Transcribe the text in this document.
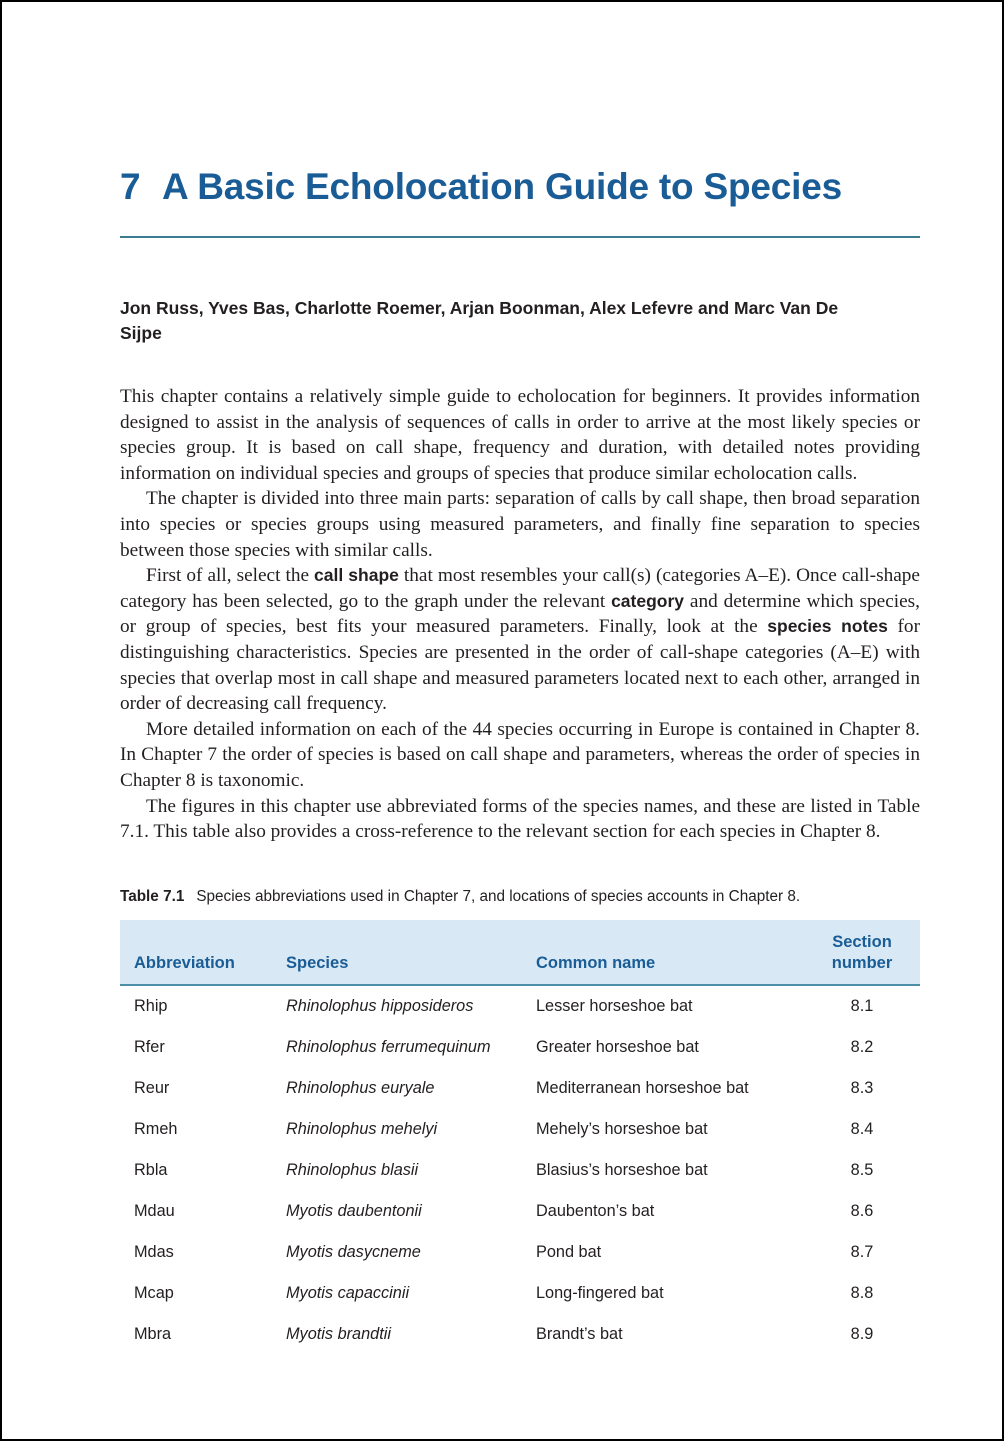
7 A Basic Echolocation Guide to Species

Jon Russ, Yves Bas, Charlotte Roemer, Arjan Boonman, Alex Lefevre and Marc Van De Sijpe

This chapter contains a relatively simple guide to echolocation for beginners. It provides information designed to assist in the analysis of sequences of calls in order to arrive at the most likely species or species group. It is based on call shape, frequency and duration, with detailed notes providing information on individual species and groups of species that produce similar echolocation calls.

The chapter is divided into three main parts: separation of calls by call shape, then broad separation into species or species groups using measured parameters, and finally fine separation to species between those species with similar calls.

First of all, select the call shape that most resembles your call(s) (categories A–E). Once call-shape category has been selected, go to the graph under the relevant category and determine which species, or group of species, best fits your measured parameters. Finally, look at the species notes for distinguishing characteristics. Species are presented in the order of call-shape categories (A–E) with species that overlap most in call shape and measured parameters located next to each other, arranged in order of decreasing call frequency.

More detailed information on each of the 44 species occurring in Europe is contained in Chapter 8. In Chapter 7 the order of species is based on call shape and parameters, whereas the order of species in Chapter 8 is taxonomic.

The figures in this chapter use abbreviated forms of the species names, and these are listed in Table 7.1. This table also provides a cross-reference to the relevant section for each species in Chapter 8.

Table 7.1 Species abbreviations used in Chapter 7, and locations of species accounts in Chapter 8.
Abbreviation	Species	Common name	Section number
Rhip	Rhinolophus hipposideros	Lesser horseshoe bat	8.1
Rfer	Rhinolophus ferrumequinum	Greater horseshoe bat	8.2
Reur	Rhinolophus euryale	Mediterranean horseshoe bat	8.3
Rmeh	Rhinolophus mehelyi	Mehely’s horseshoe bat	8.4
Rbla	Rhinolophus blasii	Blasius’s horseshoe bat	8.5
Mdau	Myotis daubentonii	Daubenton’s bat	8.6
Mdas	Myotis dasycneme	Pond bat	8.7
Mcap	Myotis capaccinii	Long-fingered bat	8.8
Mbra	Myotis brandtii	Brandt’s bat	8.9
